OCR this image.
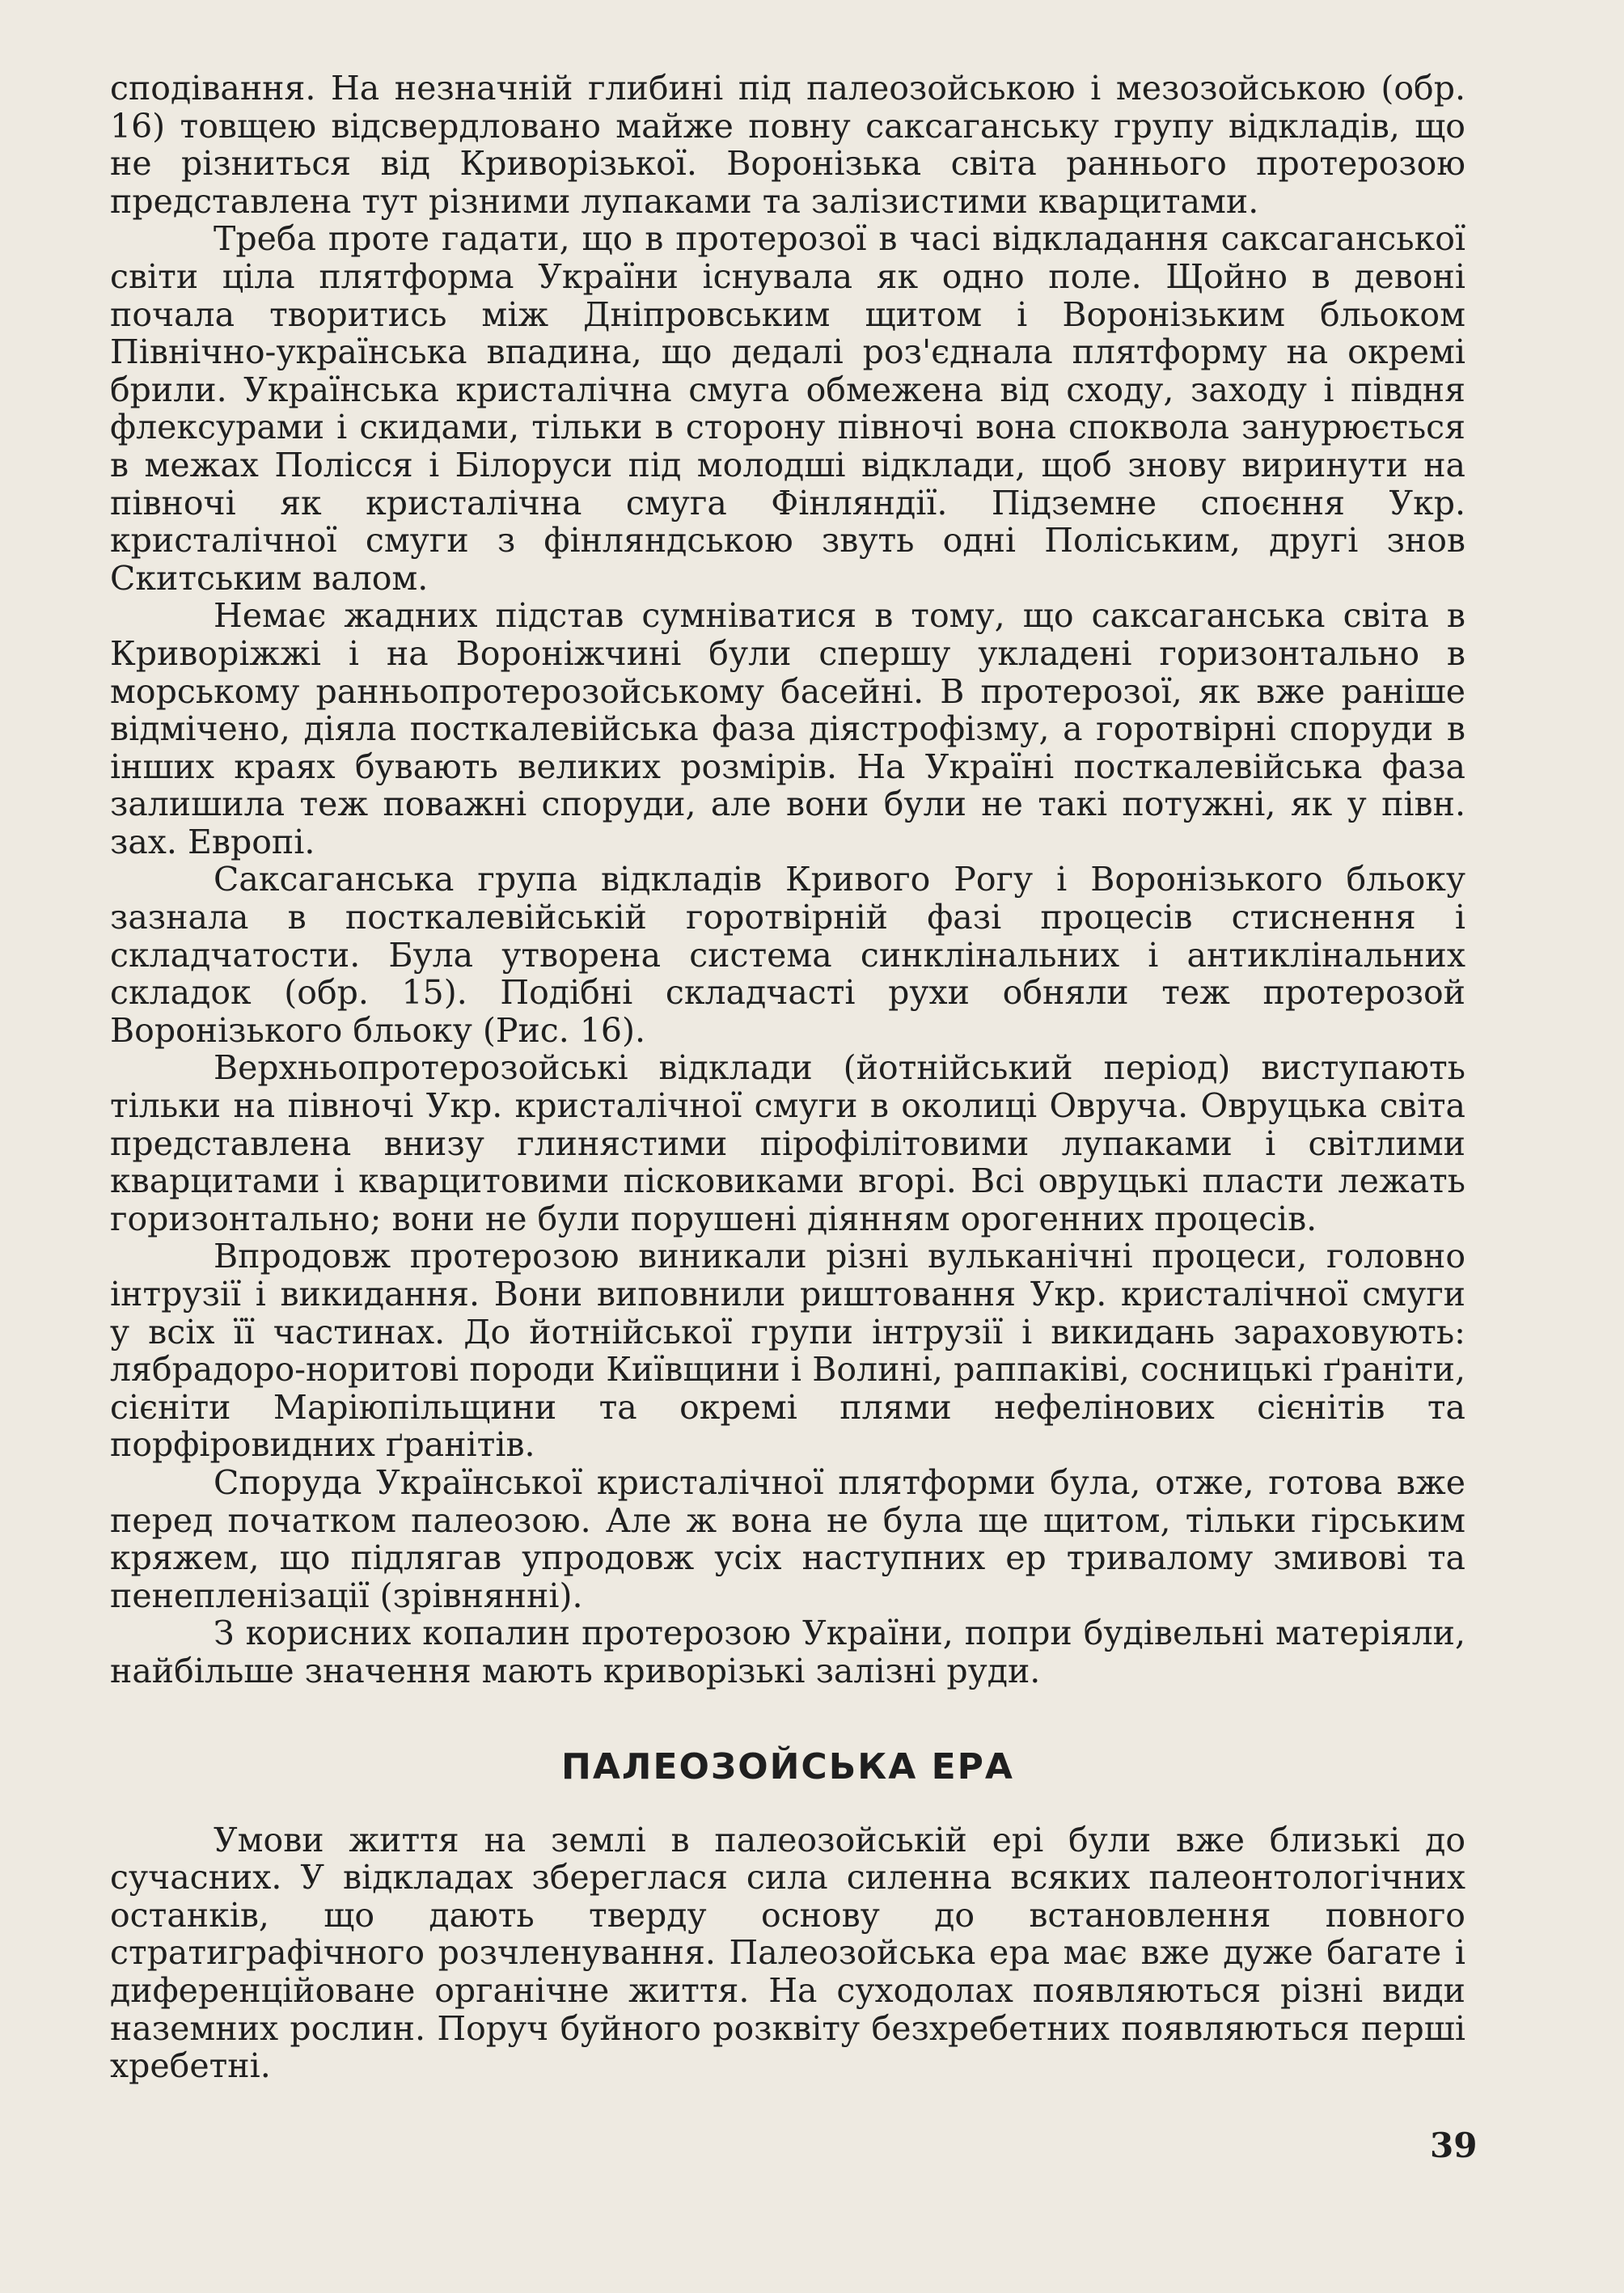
сподівання. На незначній глибині під палеозойською і мезозойською (обр. 16) товщею відсвердловано майже повну саксаганську групу відкладів, що не різниться від Криворізької. Воронізька світа раннього протерозою представлена тут різними лупаками та залізистими кварцитами.

Треба проте гадати, що в протерозої в часі відкладання саксаганської світи ціла плятформа України існувала як одно поле. Щойно в девоні почала творитись між Дніпровським щитом і Воронізьким бльоком Північно-українська впадина, що дедалі роз'єднала плятформу на окремі брили. Українська кристалічна смуга обмежена від сходу, заходу і півдня флексурами і скидами, тільки в сторону півночі вона споквола занурюється в межах Полісся і Білоруси під молодші відклади, щоб знову виринути на півночі як кристалічна смуга Фінляндії. Підземне споєння Укр. кристалічної смуги з фінляндською звуть одні Поліським, другі знов Скитським валом.

Немає жадних підстав сумніватися в тому, що саксаганська світа в Криворіжжі і на Вороніжчині були спершу укладені горизонтально в морському ранньопротерозойському басейні. В протерозої, як вже раніше відмічено, діяла посткалевійська фаза діястрофізму, а горотвірні споруди в інших краях бувають великих розмірів. На Україні посткалевійська фаза залишила теж поважні споруди, але вони були не такі потужні, як у півн. зах. Европі.

Саксаганська група відкладів Кривого Рогу і Воронізького бльоку зазнала в посткалевійській горотвірній фазі процесів стиснення і складчатости. Була утворена система синклінальних і антиклінальних складок (обр. 15). Подібні складчасті рухи обняли теж протерозой Воронізького бльоку (Рис. 16).

Верхньопротерозойські відклади (йотнійський період) виступають тільки на півночі Укр. кристалічної смуги в околиці Овруча. Овруцька світа представлена внизу глинястими пірофілітовими лупаками і світлими кварцитами і кварцитовими пісковиками вгорі. Всі овруцькі пласти лежать горизонтально; вони не були порушені діянням орогенних процесів.

Впродовж протерозою виникали різні вульканічні процеси, головно інтрузії і викидання. Вони виповнили риштовання Укр. кристалічної смуги у всіх її частинах. До йотнійської групи інтрузії і викидань зараховують: лябрадоро-норитові породи Київщини і Волині, раппаківі, сосницькі ґраніти, сієніти Маріюпільщини та окремі плями нефелінових сієнітів та порфіровидних ґранітів.

Споруда Української кристалічної плятформи була, отже, готова вже перед початком палеозою. Але ж вона не була ще щитом, тільки гірським кряжем, що підлягав упродовж усіх наступних ер тривалому змивові та пенепленізації (зрівнянні).

З корисних копалин протерозою України, попри будівельні матеріяли, найбільше значення мають криворізькі залізні руди.

ПАЛЕОЗОЙСЬКА ЕРА

Умови життя на землі в палеозойській ері були вже близькі до сучасних. У відкладах збереглася сила силенна всяких палеонтологічних останків, що дають тверду основу до встановлення повного стратиграфічного розчленування. Палеозойська ера має вже дуже багате і диференційоване органічне життя. На суходолах появляються різні види наземних рослин. Поруч буйного розквіту безхребетних появляються перші хребетні.

39
